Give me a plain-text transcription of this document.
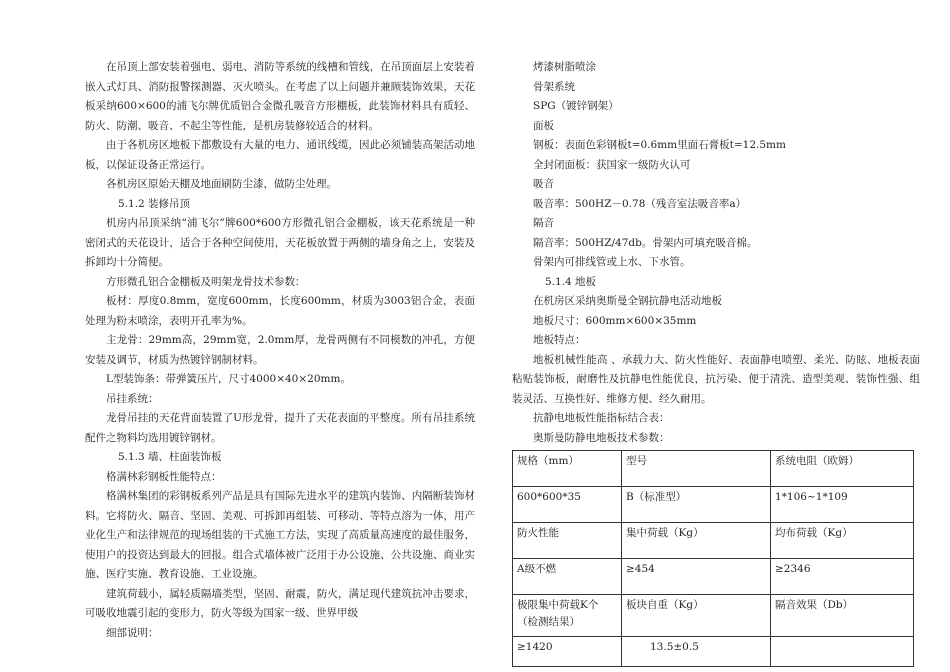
在吊顶上部安装着强电、弱电、消防等系统的线槽和管线，在吊顶面层上安装着嵌入式灯具、消防报警探测器、灭火喷头。在考虑了以上问题并兼顾装饰效果，天花板采纳600×600的浦飞尔牌优质铝合金微孔吸音方形棚板，此装饰材料具有质轻、防火、防潮、吸音、不起尘等性能，是机房装修较适合的材料。

由于各机房区地板下都敷设有大量的电力、通讯线缆，因此必须铺装高架活动地板，以保证设备正常运行。

各机房区原始天棚及地面刷防尘漆，做防尘处理。

5.1.2 装修吊顶

机房内吊顶采纳“浦飞尔”牌600*600方形微孔铝合金棚板，该天花系统是一种密闭式的天花设计，适合于各种空间使用，天花板放置于两侧的墙身角之上，安装及拆卸均十分简便。

方形微孔铝合金棚板及明架龙骨技术参数：

板材：厚度0.8mm，宽度600mm，长度600mm，材质为3003铝合金，表面处理为粉末喷涂，表明开孔率为%。

主龙骨：29mm高，29mm宽，2.0mm厚，龙骨两侧有不同模数的冲孔，方便安装及调节，材质为热镀锌钢制材料。

L型装饰条：带弹簧压片，尺寸4000×40×20mm。

吊挂系统：

龙骨吊挂的天花背面装置了U形龙骨，提升了天花表面的平整度。所有吊挂系统配件之物料均选用镀锌钢材。

5.1.3 墙、柱面装饰板

格满林彩钢板性能特点：

格满林集团的彩钢板系列产品是具有国际先进水平的建筑内装饰、内隔断装饰材料。它将防火、隔音、坚固、美观、可拆卸再组装、可移动、等特点溶为一体，用产业化生产和法律规范的现场组装的干式施工方法，实现了高质量高速度的最佳服务，使用户的投资达到最大的回报。组合式墙体被广泛用于办公设施、公共设施、商业实施、医疗实施、教育设施、工业设施。

建筑荷载小，属轻质隔墙类型，坚固、耐震，防火，满足现代建筑抗冲击要求，可吸收地震引起的变形力，防火等级为国家一级、世界甲级

细部说明：

烤漆树脂喷涂

骨架系统

SPG（镀锌钢架）

面板

钢板：表面色彩钢板t=0.6mm里面石膏板t=12.5mm

全封闭面板：获国家一级防火认可

吸音

吸音率：500HZ－0.78（残音室法吸音率a）

隔音

隔音率：500HZ/47db。骨架内可填充吸音棉。

骨架内可排线管或上水、下水管。

5.1.4 地板

在机房区采纳奥斯曼全钢抗静电活动地板

地板尺寸：600mm×600×35mm

地板特点：

地板机械性能高 、承载力大、防火性能好、表面静电喷塑、柔光、防眩、地板表面粘贴装饰板，耐磨性及抗静电性能优良，抗污染、便于清洗、造型美观、装饰性强、组装灵活、互换性好、维修方便、经久耐用。

抗静电地板性能指标结合表：

奥斯曼防静电地板技术参数：

规格（mm）	型号	系统电阻（欧姆）
600*600*35	B（标准型）	1*106~1*109
防火性能	集中荷载（Kg）	均布荷载（Kg）
A级不燃	≥454	≥2346
极限集中荷载K个（检测结果）	板块自重（Kg）	隔音效果（Db）
≥1420	13.5±0.5	
